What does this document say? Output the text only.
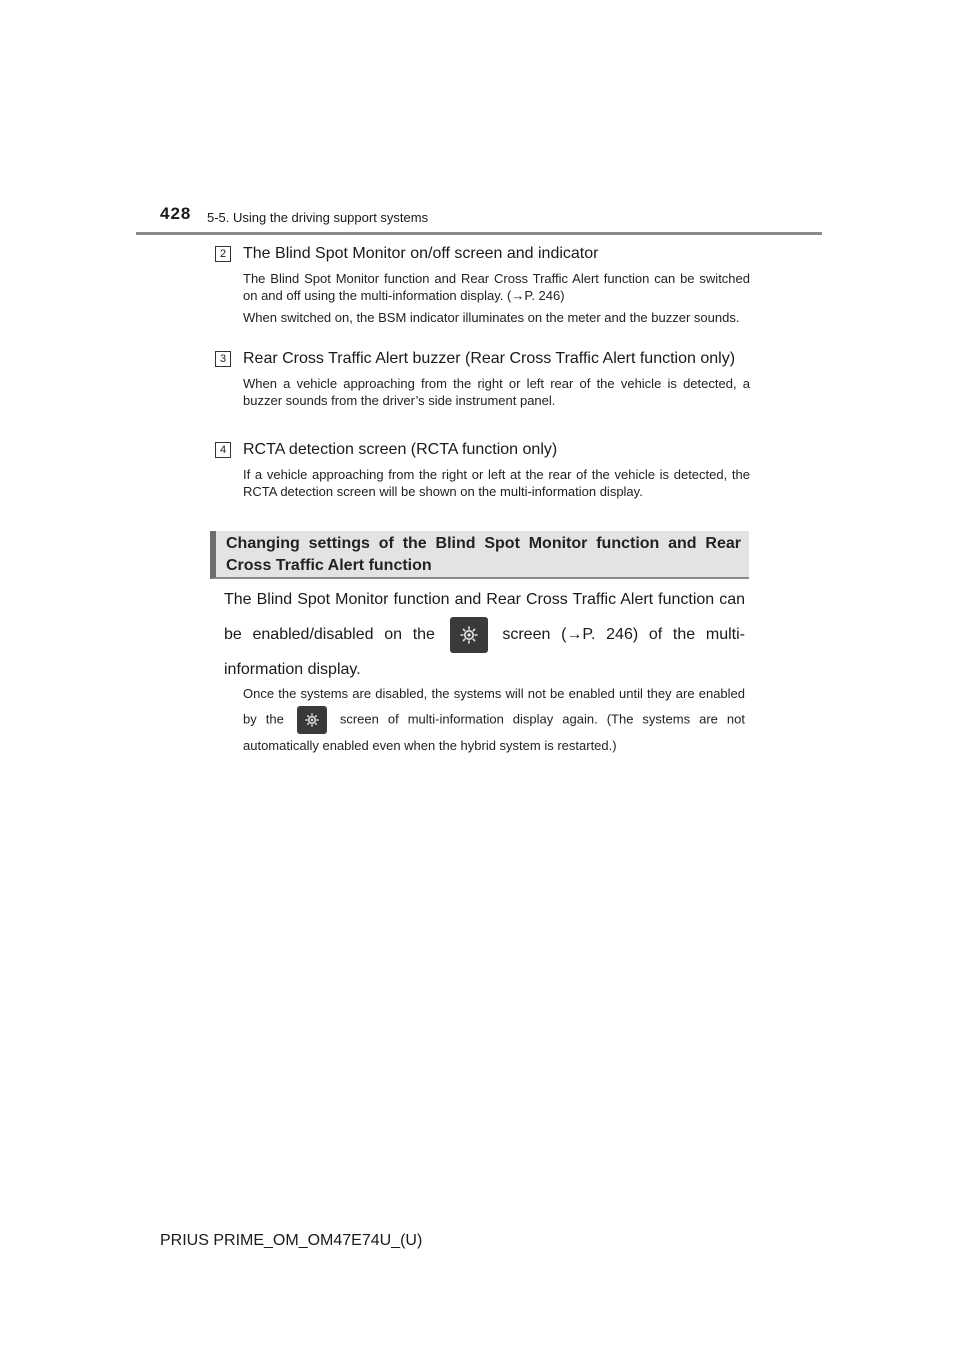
428 5-5. Using the driving support systems
2	The Blind Spot Monitor on/off screen and indicator

The Blind Spot Monitor function and Rear Cross Traffic Alert function can be switched on and off using the multi-information display. (→P. 246)

When switched on, the BSM indicator illuminates on the meter and the buzzer sounds.

3	Rear Cross Traffic Alert buzzer (Rear Cross Traffic Alert function only)

When a vehicle approaching from the right or left rear of the vehicle is detected, a buzzer sounds from the driver’s side instrument panel.

4	RCTA detection screen (RCTA function only)

If a vehicle approaching from the right or left at the rear of the vehicle is detected, the RCTA detection screen will be shown on the multi-information display.

Changing settings of the Blind Spot Monitor function and Rear Cross Traffic Alert function
The Blind Spot Monitor function and Rear Cross Traffic Alert function can be enabled/disabled on the	screen (→P. 246) of the multi-information display.
Once the systems are disabled, the systems will not be enabled until they are enabled by the	screen of multi-information display again. (The systems are not automatically enabled even when the hybrid system is restarted.)
PRIUS PRIME_OM_OM47E74U_(U)
